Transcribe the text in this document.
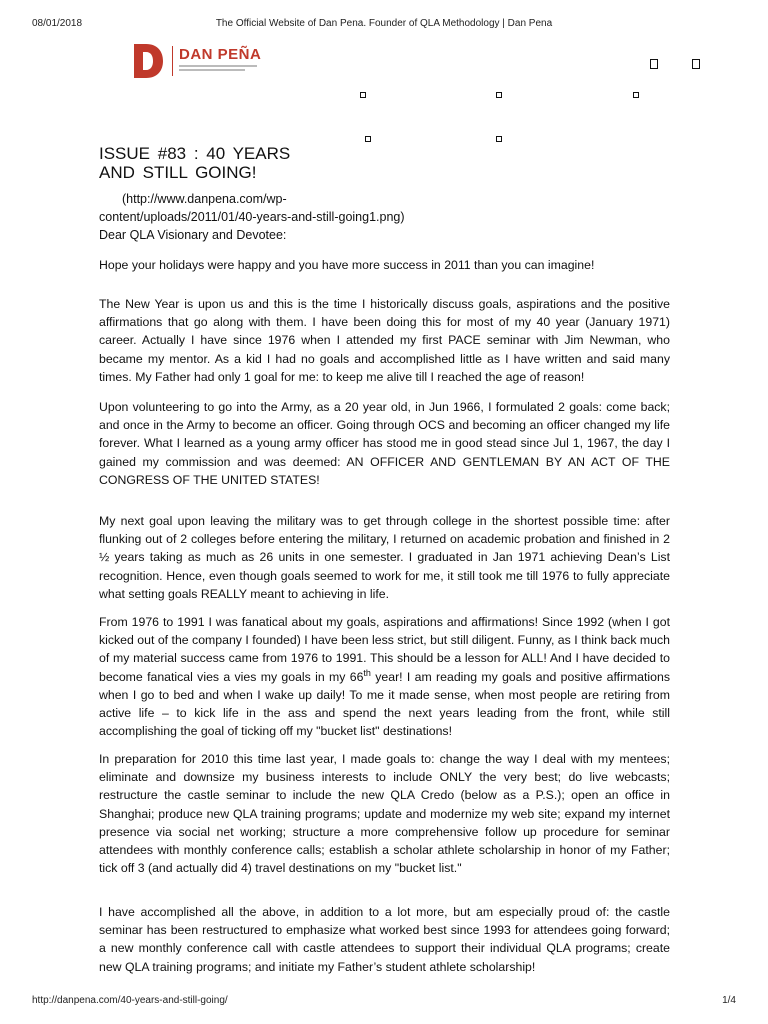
08/01/2018	The Official Website of Dan Pena. Founder of QLA Methodology | Dan Pena
DAN PEÑA
ISSUE #83 : 40 YEARS
AND STILL GOING!
(http://www.danpena.com/wp-
content/uploads/2011/01/40-years-and-still-going1.png)
Dear QLA Visionary and Devotee:
Hope your holidays were happy and you have more success in 2011 than you can imagine!
The New Year is upon us and this is the time I historically discuss goals, aspirations and the positive affirmations that go along with them. I have been doing this for most of my 40 year (January 1971) career. Actually I have since 1976 when I attended my first PACE seminar with Jim Newman, who became my mentor. As a kid I had no goals and accomplished little as I have written and said many times. My Father had only 1 goal for me: to keep me alive till I reached the age of reason!
Upon volunteering to go into the Army, as a 20 year old, in Jun 1966, I formulated 2 goals: come back; and once in the Army to become an officer. Going through OCS and becoming an officer changed my life forever. What I learned as a young army officer has stood me in good stead since Jul 1, 1967, the day I gained my commission and was deemed: AN OFFICER AND GENTLEMAN BY AN ACT OF THE CONGRESS OF THE UNITED STATES!
My next goal upon leaving the military was to get through college in the shortest possible time: after flunking out of 2 colleges before entering the military, I returned on academic probation and finished in 2 ½ years taking as much as 26 units in one semester. I graduated in Jan 1971 achieving Dean’s List recognition. Hence, even though goals seemed to work for me, it still took me till 1976 to fully appreciate what setting goals REALLY meant to achieving in life.
From 1976 to 1991 I was fanatical about my goals, aspirations and affirmations! Since 1992 (when I got kicked out of the company I founded) I have been less strict, but still diligent. Funny, as I think back much of my material success came from 1976 to 1991. This should be a lesson for ALL! And I have decided to become fanatical vies a vies my goals in my 66th year! I am reading my goals and positive affirmations when I go to bed and when I wake up daily! To me it made sense, when most people are retiring from active life – to kick life in the ass and spend the next years leading from the front, while still accomplishing the goal of ticking off my "bucket list" destinations!
In preparation for 2010 this time last year, I made goals to: change the way I deal with my mentees; eliminate and downsize my business interests to include ONLY the very best; do live webcasts; restructure the castle seminar to include the new QLA Credo (below as a P.S.); open an office in Shanghai; produce new QLA training programs; update and modernize my web site; expand my internet presence via social net working; structure a more comprehensive follow up procedure for seminar attendees with monthly conference calls; establish a scholar athlete scholarship in honor of my Father; tick off 3 (and actually did 4) travel destinations on my "bucket list."
I have accomplished all the above, in addition to a lot more, but am especially proud of: the castle seminar has been restructured to emphasize what worked best since 1993 for attendees going forward; a new monthly conference call with castle attendees to support their individual QLA programs; create new QLA training programs; and initiate my Father’s student athlete scholarship!
http://danpena.com/40-years-and-still-going/	1/4
